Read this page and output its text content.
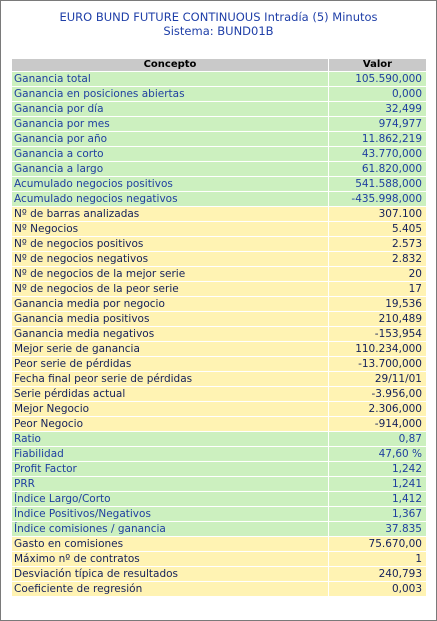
EURO BUND FUTURE CONTINUOUS Intradía (5) Minutos
Sistema: BUND01B
Concepto	Valor
Ganancia total	105.590,000
Ganancia en posiciones abiertas	0,000
Ganancia por día	32,499
Ganancia por mes	974,977
Ganancia por año	11.862,219
Ganancia a corto	43.770,000
Ganancia a largo	61.820,000
Acumulado negocios positivos	541.588,000
Acumulado negocios negativos	-435.998,000
Nº de barras analizadas	307.100
Nº Negocios	5.405
Nº de negocios positivos	2.573
Nº de negocios negativos	2.832
Nº de negocios de la mejor serie	20
Nº de negocios de la peor serie	17
Ganancia media por negocio	19,536
Ganancia media positivos	210,489
Ganancia media negativos	-153,954
Mejor serie de ganancia	110.234,000
Peor serie de pérdidas	-13.700,000
Fecha final peor serie de pérdidas	29/11/01
Serie pérdidas actual	-3.956,00
Mejor Negocio	2.306,000
Peor Negocio	-914,000
Ratio	0,87
Fiabilidad	47,60 %
Profit Factor	1,242
PRR	1,241
Índice Largo/Corto	1,412
Índice Positivos/Negativos	1,367
Índice comisiones / ganancia	37.835
Gasto en comisiones	75.670,00
Máximo nº de contratos	1
Desviación típica de resultados	240,793
Coeficiente de regresión	0,003
